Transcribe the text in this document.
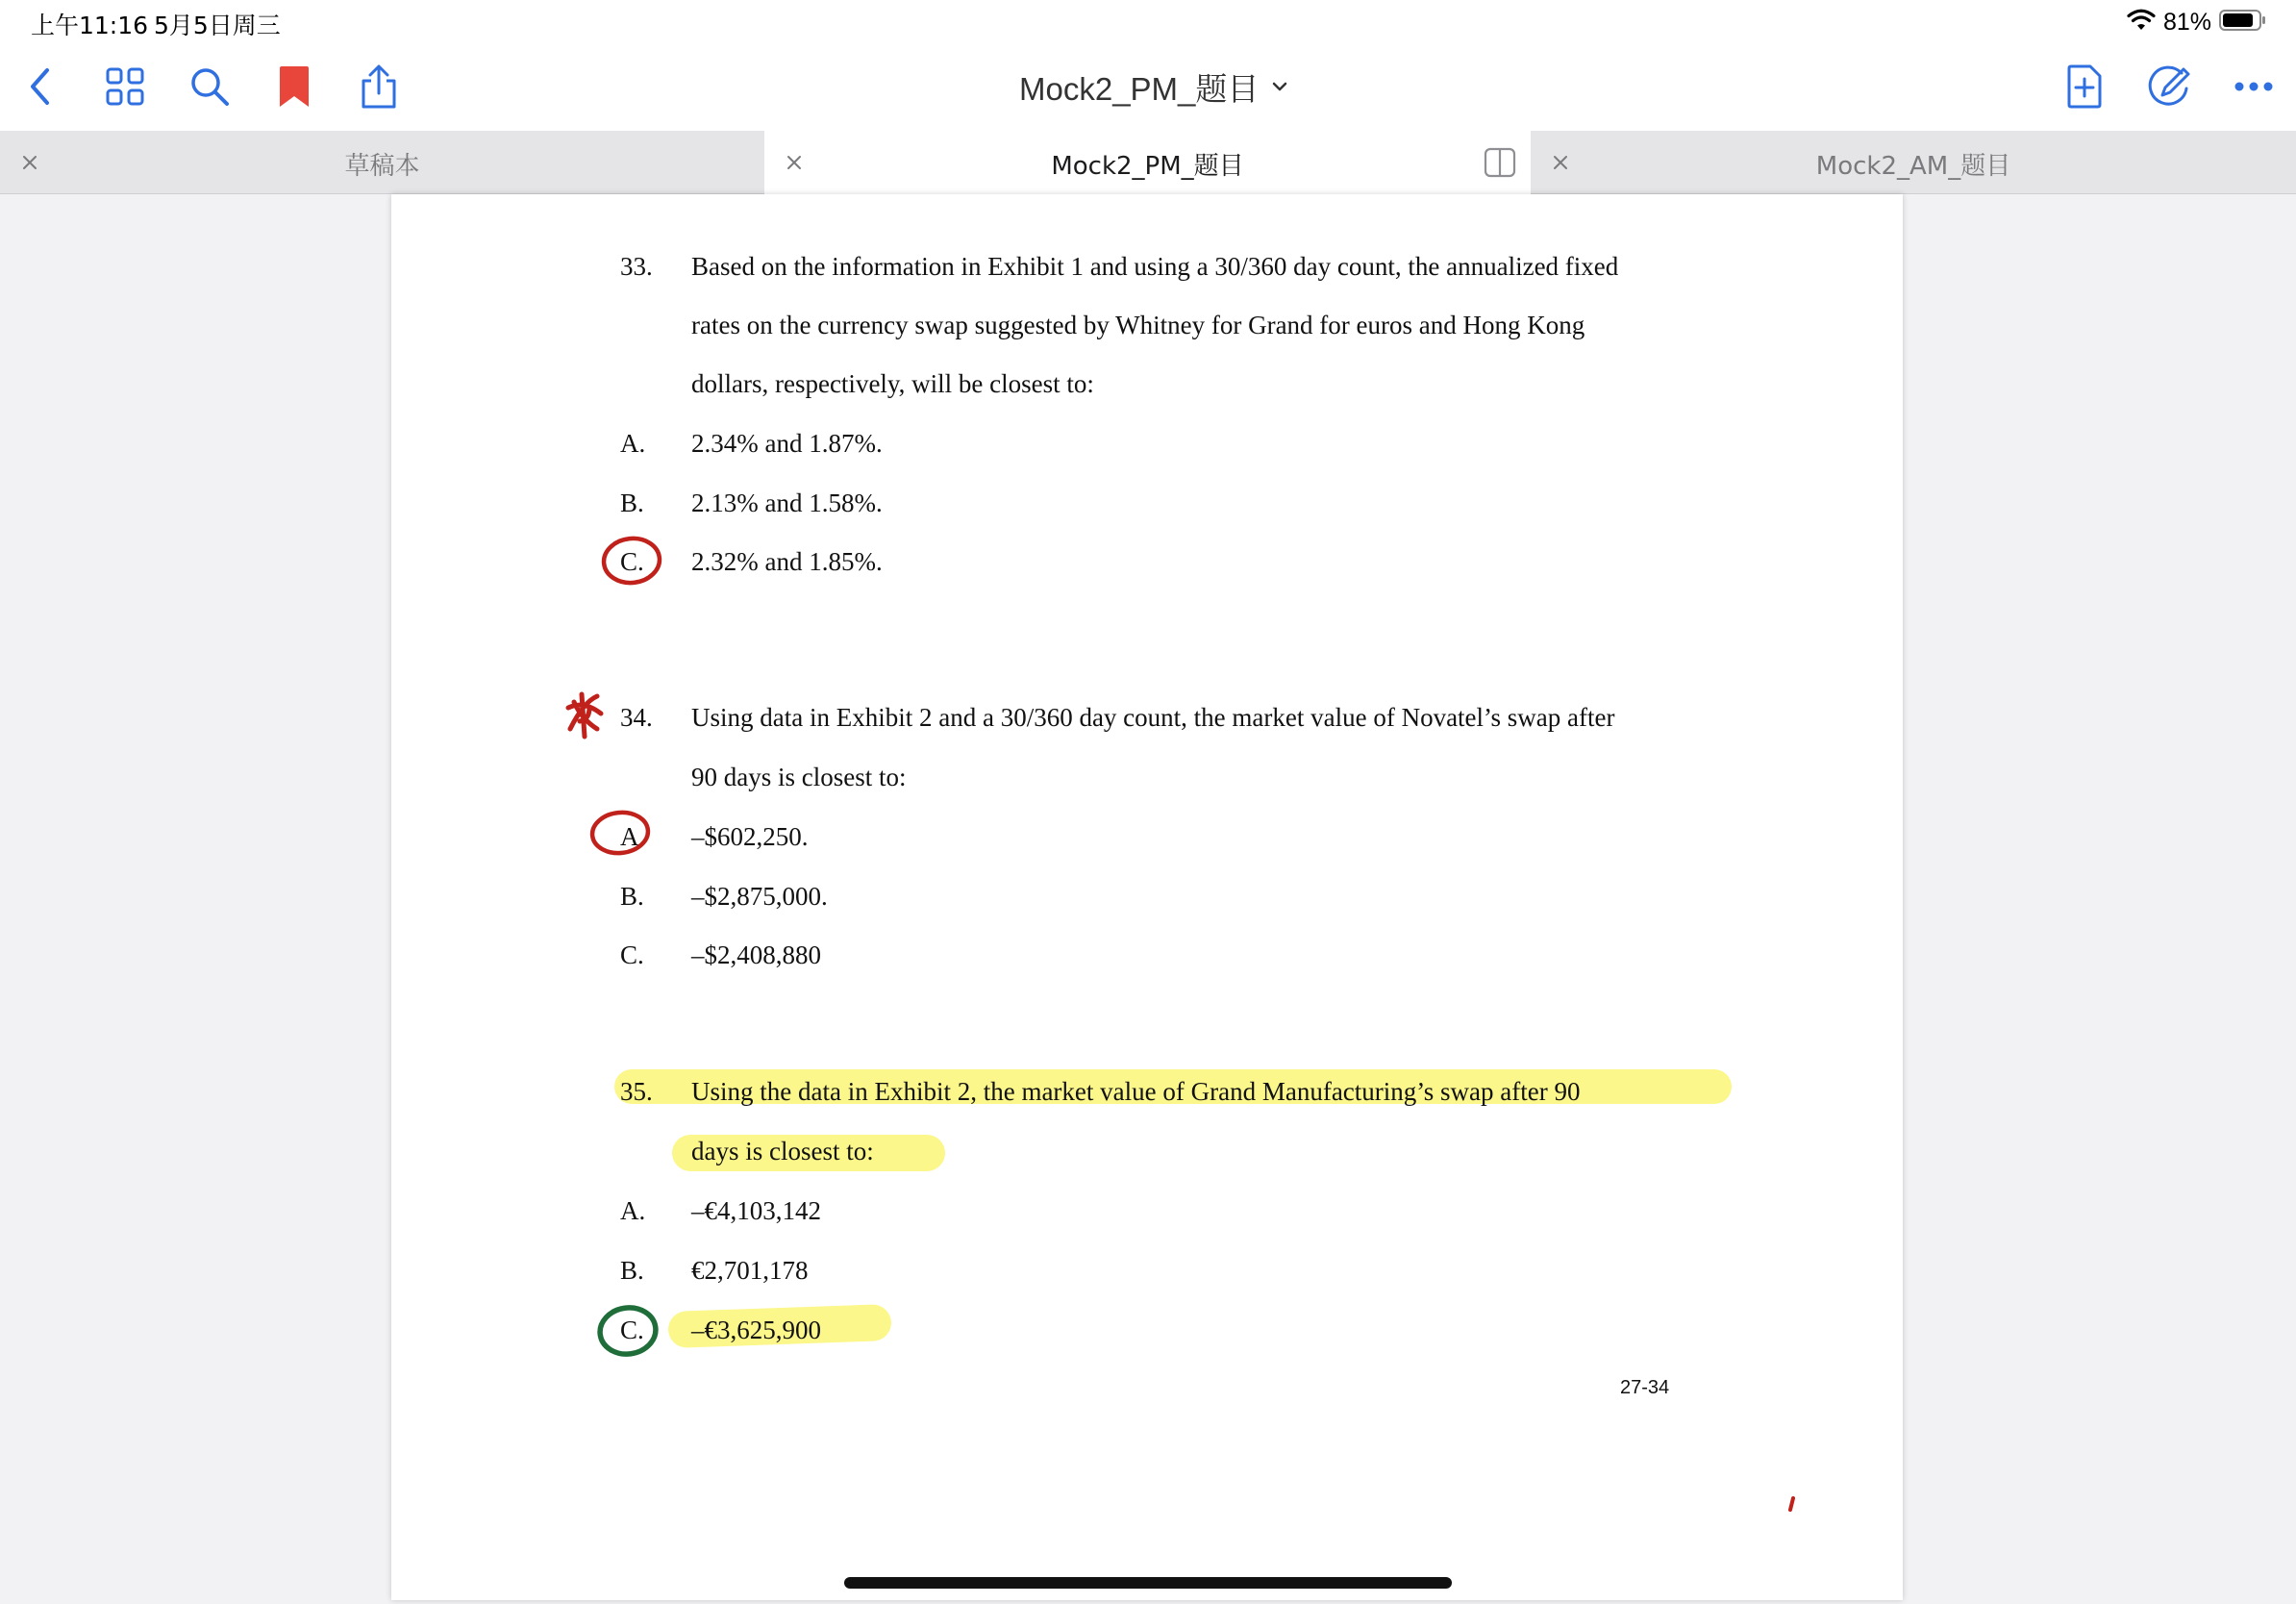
上午11:16 5月5日周三	81%
Mock2_PM_题目
草稿本	Mock2_PM_题目	Mock2_AM_题目
33. Based on the information in Exhibit 1 and using a 30/360 day count, the annualized fixed
rates on the currency swap suggested by Whitney for Grand for euros and Hong Kong
dollars, respectively, will be closest to:
A. 2.34% and 1.87%.
B. 2.13% and 1.58%.
C. 2.32% and 1.85%.
34. Using data in Exhibit 2 and a 30/360 day count, the market value of Novatel’s swap after
90 days is closest to:
A. –$602,250.
B. –$2,875,000.
C. –$2,408,880
35. Using the data in Exhibit 2, the market value of Grand Manufacturing’s swap after 90
days is closest to:
A. –€4,103,142
B. €2,701,178
C. –€3,625,900
27-34
